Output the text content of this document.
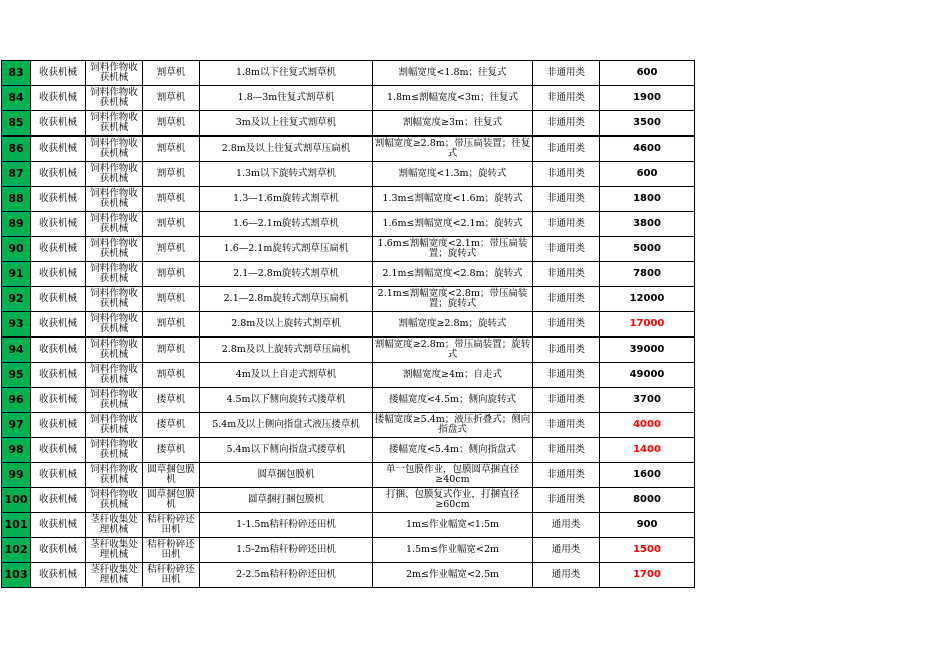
83	收获机械	饲料作物收获机械	割草机	1.8m以下往复式割草机	割幅宽度<1.8m；往复式	非通用类	600
84	收获机械	饲料作物收获机械	割草机	1.8—3m往复式割草机	1.8m≤割幅宽度<3m；往复式	非通用类	1900
85	收获机械	饲料作物收获机械	割草机	3m及以上往复式割草机	割幅宽度≥3m；往复式	非通用类	3500
86	收获机械	饲料作物收获机械	割草机	2.8m及以上往复式割草压扁机	割幅宽度≥2.8m；带压扁装置；往复式	非通用类	4600
87	收获机械	饲料作物收获机械	割草机	1.3m以下旋转式割草机	割幅宽度<1.3m；旋转式	非通用类	600
88	收获机械	饲料作物收获机械	割草机	1.3—1.6m旋转式割草机	1.3m≤割幅宽度<1.6m；旋转式	非通用类	1800
89	收获机械	饲料作物收获机械	割草机	1.6—2.1m旋转式割草机	1.6m≤割幅宽度<2.1m；旋转式	非通用类	3800
90	收获机械	饲料作物收获机械	割草机	1.6—2.1m旋转式割草压扁机	1.6m≤割幅宽度<2.1m；带压扁装置；旋转式	非通用类	5000
91	收获机械	饲料作物收获机械	割草机	2.1—2.8m旋转式割草机	2.1m≤割幅宽度<2.8m；旋转式	非通用类	7800
92	收获机械	饲料作物收获机械	割草机	2.1—2.8m旋转式割草压扁机	2.1m≤割幅宽度<2.8m；带压扁装置；旋转式	非通用类	12000
93	收获机械	饲料作物收获机械	割草机	2.8m及以上旋转式割草机	割幅宽度≥2.8m；旋转式	非通用类	17000
94	收获机械	饲料作物收获机械	割草机	2.8m及以上旋转式割草压扁机	割幅宽度≥2.8m；带压扁装置；旋转式	非通用类	39000
95	收获机械	饲料作物收获机械	割草机	4m及以上自走式割草机	割幅宽度≥4m；自走式	非通用类	49000
96	收获机械	饲料作物收获机械	搂草机	4.5m以下侧向旋转式搂草机	搂幅宽度<4.5m；侧向旋转式	非通用类	3700
97	收获机械	饲料作物收获机械	搂草机	5.4m及以上侧向指盘式液压搂草机	搂幅宽度≥5.4m；液压折叠式；侧向指盘式	非通用类	4000
98	收获机械	饲料作物收获机械	搂草机	5.4m以下侧向指盘式搂草机	搂幅宽度<5.4m；侧向指盘式	非通用类	1400
99	收获机械	饲料作物收获机械	圆草捆包膜机	圆草捆包膜机	单一包膜作业，包膜圆草捆直径≥40cm	非通用类	1600
100	收获机械	饲料作物收获机械	圆草捆包膜机	圆草捆打捆包膜机	打捆、包膜复式作业，打捆直径≥60cm	非通用类	8000
101	收获机械	茎秆收集处理机械	秸秆粉碎还田机	1-1.5m秸秆粉碎还田机	1m≤作业幅宽<1.5m	通用类	900
102	收获机械	茎秆收集处理机械	秸秆粉碎还田机	1.5-2m秸秆粉碎还田机	1.5m≤作业幅宽<2m	通用类	1500
103	收获机械	茎秆收集处理机械	秸秆粉碎还田机	2-2.5m秸秆粉碎还田机	2m≤作业幅宽<2.5m	通用类	1700
